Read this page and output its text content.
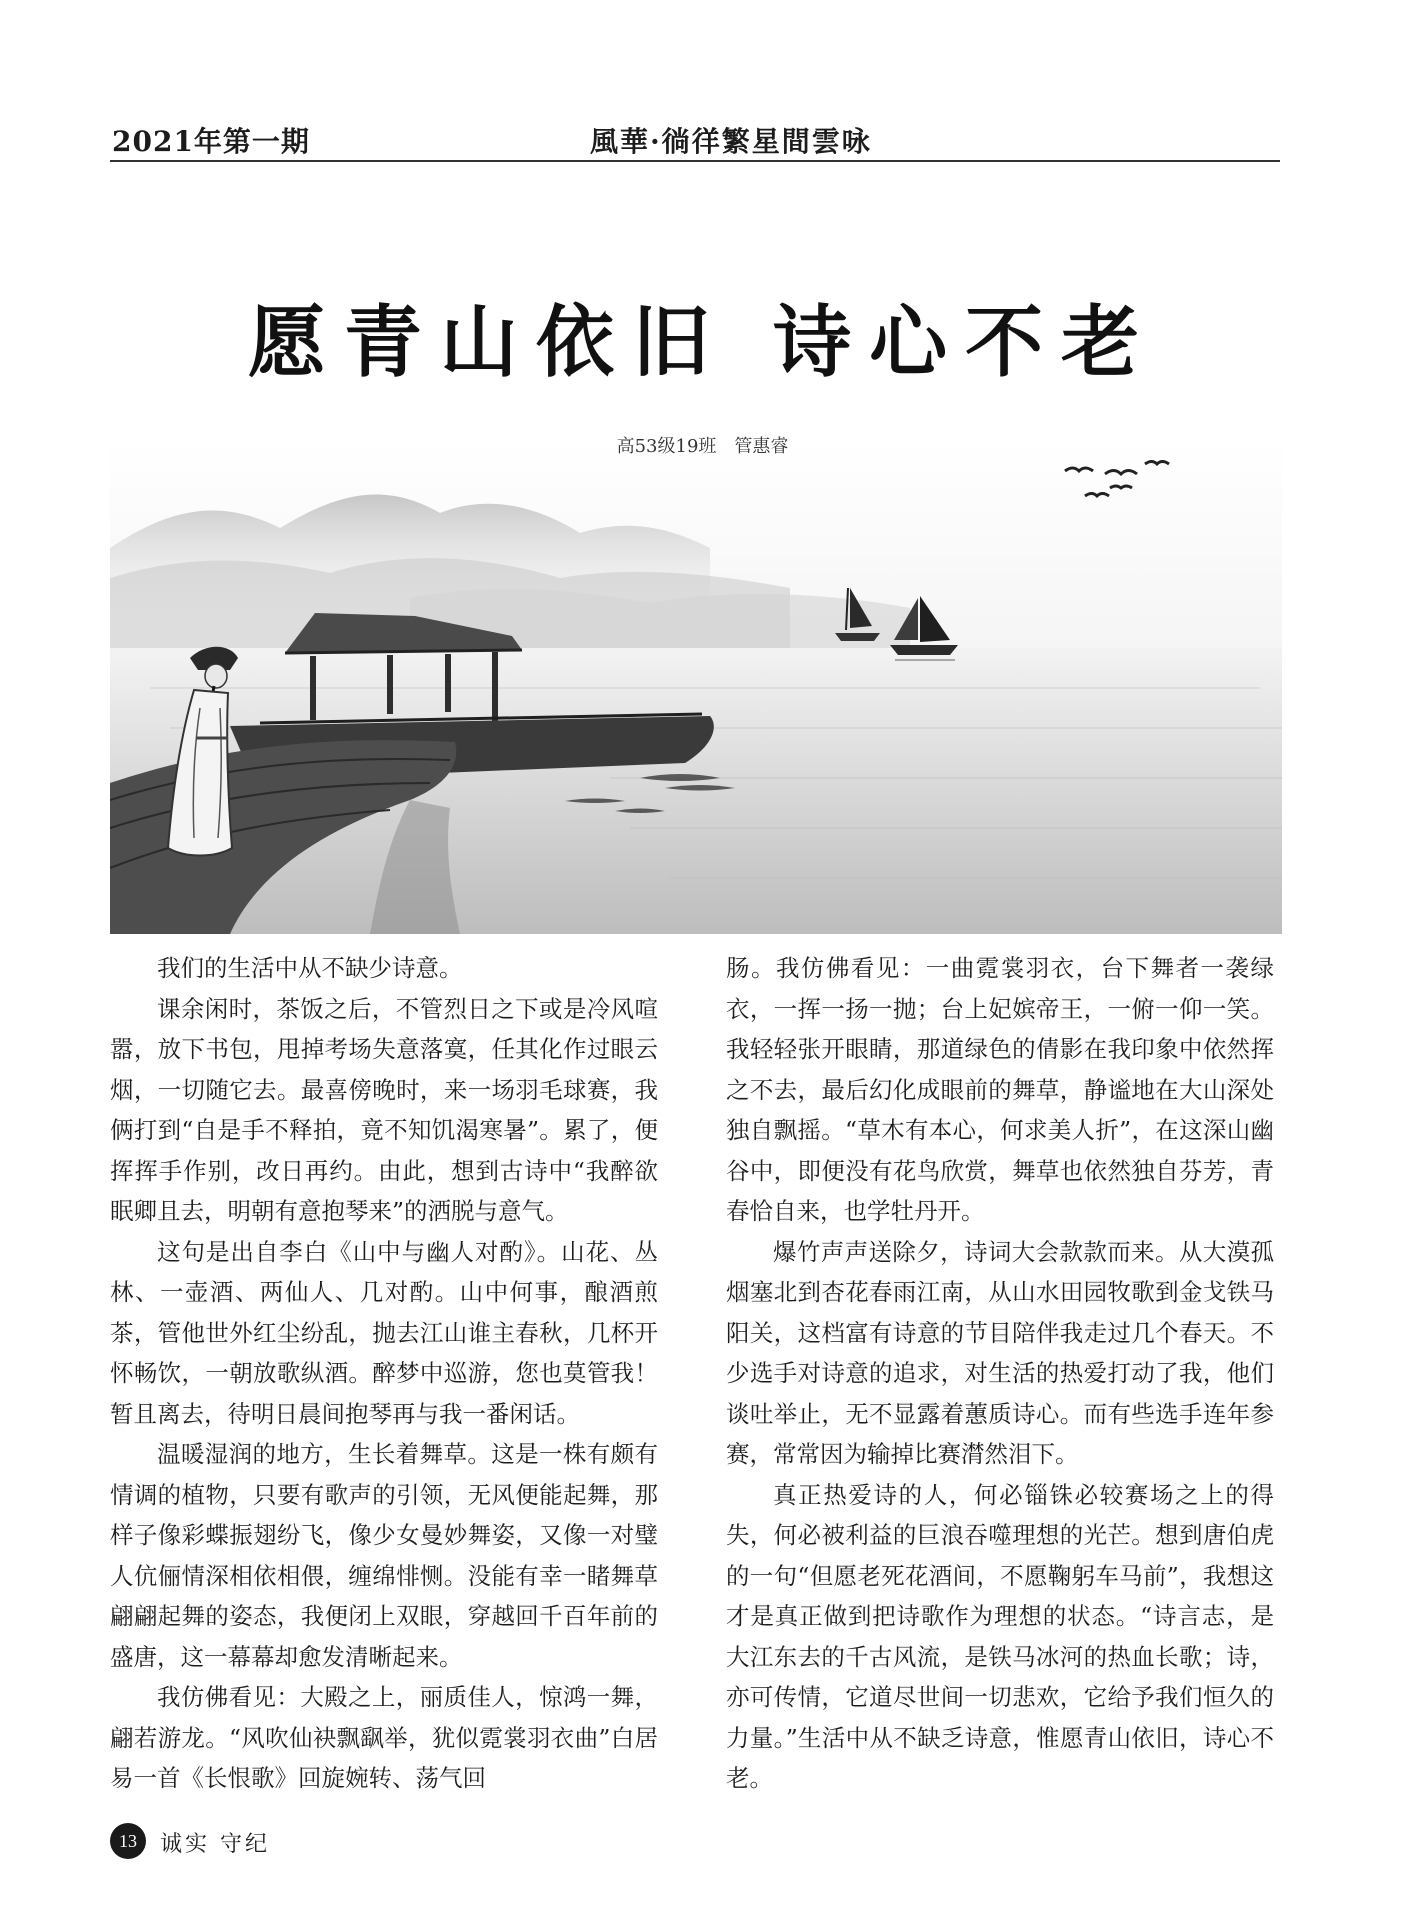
2021年第一期	風華·徜徉繁星間雲咏
愿青山依旧 诗心不老
高53级19班　管惠睿

我们的生活中从不缺少诗意。

课余闲时，茶饭之后，不管烈日之下或是冷风喧嚣，放下书包，甩掉考场失意落寞，任其化作过眼云烟，一切随它去。最喜傍晚时，来一场羽毛球赛，我俩打到“自是手不释拍，竟不知饥渴寒暑”。累了，便挥挥手作别，改日再约。由此，想到古诗中“我醉欲眠卿且去，明朝有意抱琴来”的洒脱与意气。

这句是出自李白《山中与幽人对酌》。山花、丛林、一壶酒、两仙人、几对酌。山中何事，酿酒煎茶，管他世外红尘纷乱，抛去江山谁主春秋，几杯开怀畅饮，一朝放歌纵酒。醉梦中巡游，您也莫管我！暂且离去，待明日晨间抱琴再与我一番闲话。

温暖湿润的地方，生长着舞草。这是一株有颇有情调的植物，只要有歌声的引领，无风便能起舞，那样子像彩蝶振翅纷飞，像少女曼妙舞姿，又像一对璧人伉俪情深相依相偎，缠绵悱恻。没能有幸一睹舞草翩翩起舞的姿态，我便闭上双眼，穿越回千百年前的盛唐，这一幕幕却愈发清晰起来。

我仿佛看见：大殿之上，丽质佳人，惊鸿一舞，翩若游龙。“风吹仙袂飘飖举，犹似霓裳羽衣曲”白居易一首《长恨歌》回旋婉转、荡气回

肠。我仿佛看见：一曲霓裳羽衣，台下舞者一袭绿衣，一挥一扬一抛；台上妃嫔帝王，一俯一仰一笑。我轻轻张开眼睛，那道绿色的倩影在我印象中依然挥之不去，最后幻化成眼前的舞草，静谧地在大山深处独自飘摇。“草木有本心，何求美人折”，在这深山幽谷中，即便没有花鸟欣赏，舞草也依然独自芬芳，青春恰自来，也学牡丹开。

爆竹声声送除夕，诗词大会款款而来。从大漠孤烟塞北到杏花春雨江南，从山水田园牧歌到金戈铁马阳关，这档富有诗意的节目陪伴我走过几个春天。不少选手对诗意的追求，对生活的热爱打动了我，他们谈吐举止，无不显露着蕙质诗心。而有些选手连年参赛，常常因为输掉比赛潸然泪下。

真正热爱诗的人，何必锱铢必较赛场之上的得失，何必被利益的巨浪吞噬理想的光芒。想到唐伯虎的一句“但愿老死花酒间，不愿鞠躬车马前”，我想这才是真正做到把诗歌作为理想的状态。“诗言志，是大江东去的千古风流，是铁马冰河的热血长歌；诗，亦可传情，它道尽世间一切悲欢，它给予我们恒久的力量。”生活中从不缺乏诗意，惟愿青山依旧，诗心不老。

13	诚实 守纪
